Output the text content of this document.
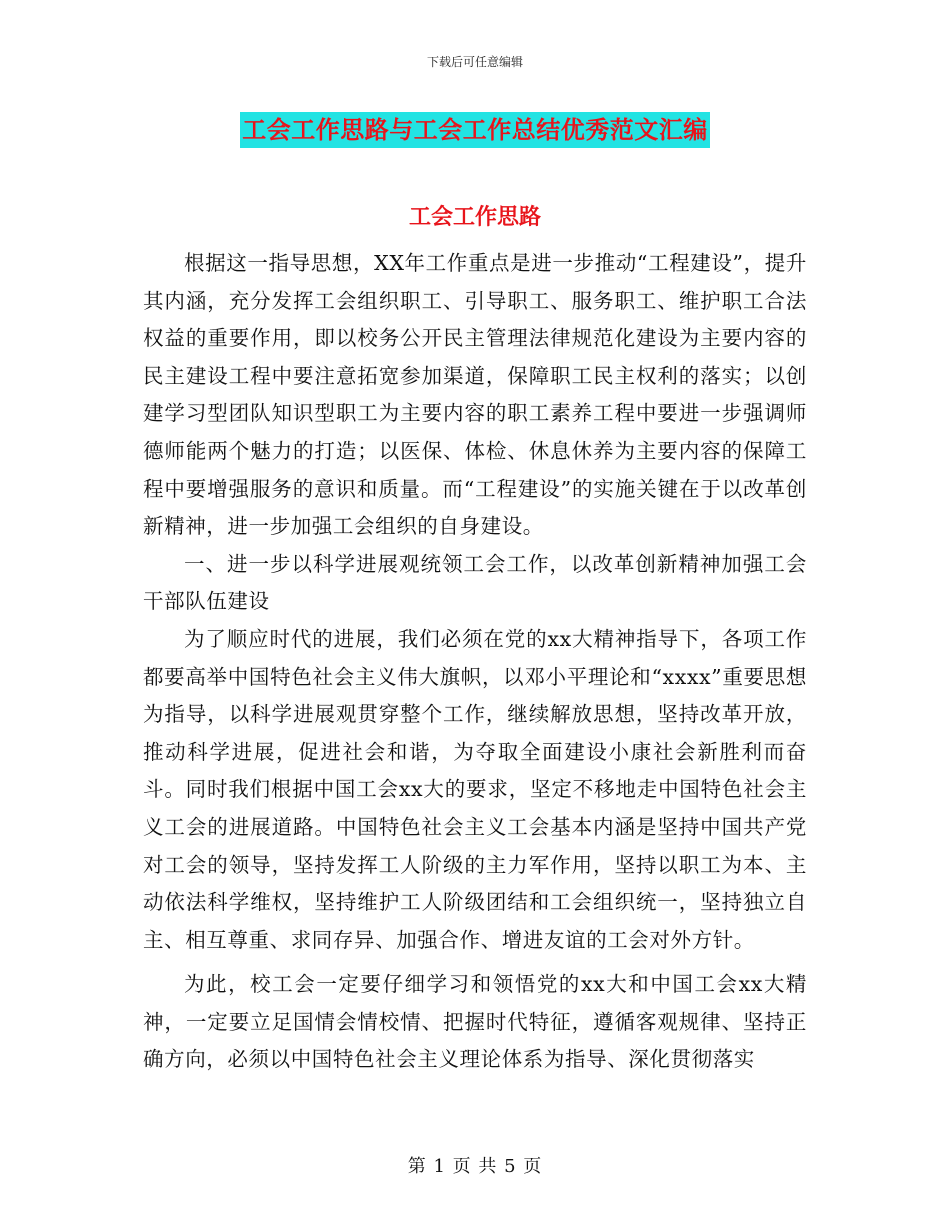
下载后可任意编辑
工会工作思路与工会工作总结优秀范文汇编
工会工作思路

根据这一指导思想，XX年工作重点是进一步推动“工程建设”，提升其内涵，充分发挥工会组织职工、引导职工、服务职工、维护职工合法权益的重要作用，即以校务公开民主管理法律规范化建设为主要内容的民主建设工程中要注意拓宽参加渠道，保障职工民主权利的落实；以创建学习型团队知识型职工为主要内容的职工素养工程中要进一步强调师德师能两个魅力的打造；以医保、体检、休息休养为主要内容的保障工程中要增强服务的意识和质量。而“工程建设”的实施关键在于以改革创新精神，进一步加强工会组织的自身建设。

一、进一步以科学进展观统领工会工作，以改革创新精神加强工会干部队伍建设

为了顺应时代的进展，我们必须在党的xx大精神指导下，各项工作都要高举中国特色社会主义伟大旗帜，以邓小平理论和“xxxx”重要思想为指导，以科学进展观贯穿整个工作，继续解放思想，坚持改革开放，推动科学进展，促进社会和谐，为夺取全面建设小康社会新胜利而奋斗。同时我们根据中国工会xx大的要求，坚定不移地走中国特色社会主义工会的进展道路。中国特色社会主义工会基本内涵是坚持中国共产党对工会的领导，坚持发挥工人阶级的主力军作用，坚持以职工为本、主动依法科学维权，坚持维护工人阶级团结和工会组织统一，坚持独立自主、相互尊重、求同存异、加强合作、增进友谊的工会对外方针。

为此，校工会一定要仔细学习和领悟党的xx大和中国工会xx大精神，一定要立足国情会情校情、把握时代特征，遵循客观规律、坚持正确方向，必须以中国特色社会主义理论体系为指导、深化贯彻落实

第 1 页 共 5 页
